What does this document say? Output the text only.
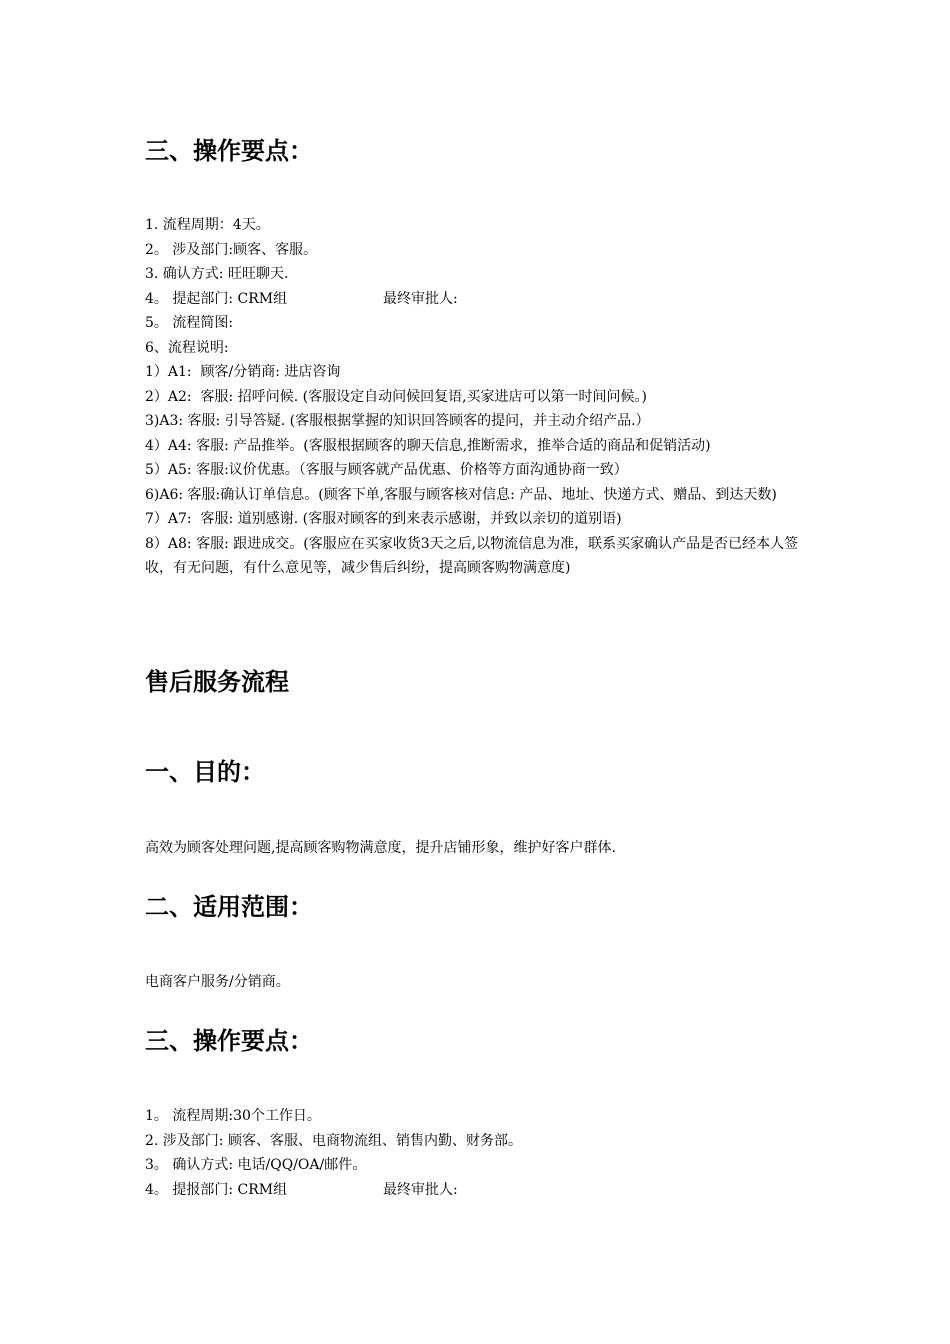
三、操作要点：

1. 流程周期：4天。

2。 涉及部门:顾客、客服。

3. 确认方式: 旺旺聊天.

4。 提起部门: CRM组	最终审批人:

5。 流程简图:

6、流程说明:

1）A1:  顾客/分销商: 进店咨询

2）A2:  客服: 招呼问候. (客服设定自动问候回复语,买家进店可以第一时间问候。)

3)A3: 客服: 引导答疑. (客服根据掌握的知识回答顾客的提问，并主动介绍产品.）

4）A4: 客服: 产品推举。(客服根据顾客的聊天信息,推断需求，推举合适的商品和促销活动)

5）A5: 客服:议价优惠。（客服与顾客就产品优惠、价格等方面沟通协商一致）

6)A6: 客服:确认订单信息。(顾客下单,客服与顾客核对信息: 产品、地址、快递方式、赠品、到达天数)

7）A7:  客服: 道别感谢. (客服对顾客的到来表示感谢，并致以亲切的道别语)

8）A8: 客服: 跟进成交。(客服应在买家收货3天之后,以物流信息为准，联系买家确认产品是否已经本人签收，有无问题，有什么意见等，减少售后纠纷，提高顾客购物满意度)

售后服务流程

一、目的：

高效为顾客处理问题,提高顾客购物满意度，提升店铺形象，维护好客户群体.

二、适用范围：

电商客户服务/分销商。

三、操作要点：

1。 流程周期:30个工作日。

2. 涉及部门: 顾客、客服、电商物流组、销售内勤、财务部。

3。 确认方式: 电话/QQ/OA/邮件。

4。 提报部门: CRM组	最终审批人:
